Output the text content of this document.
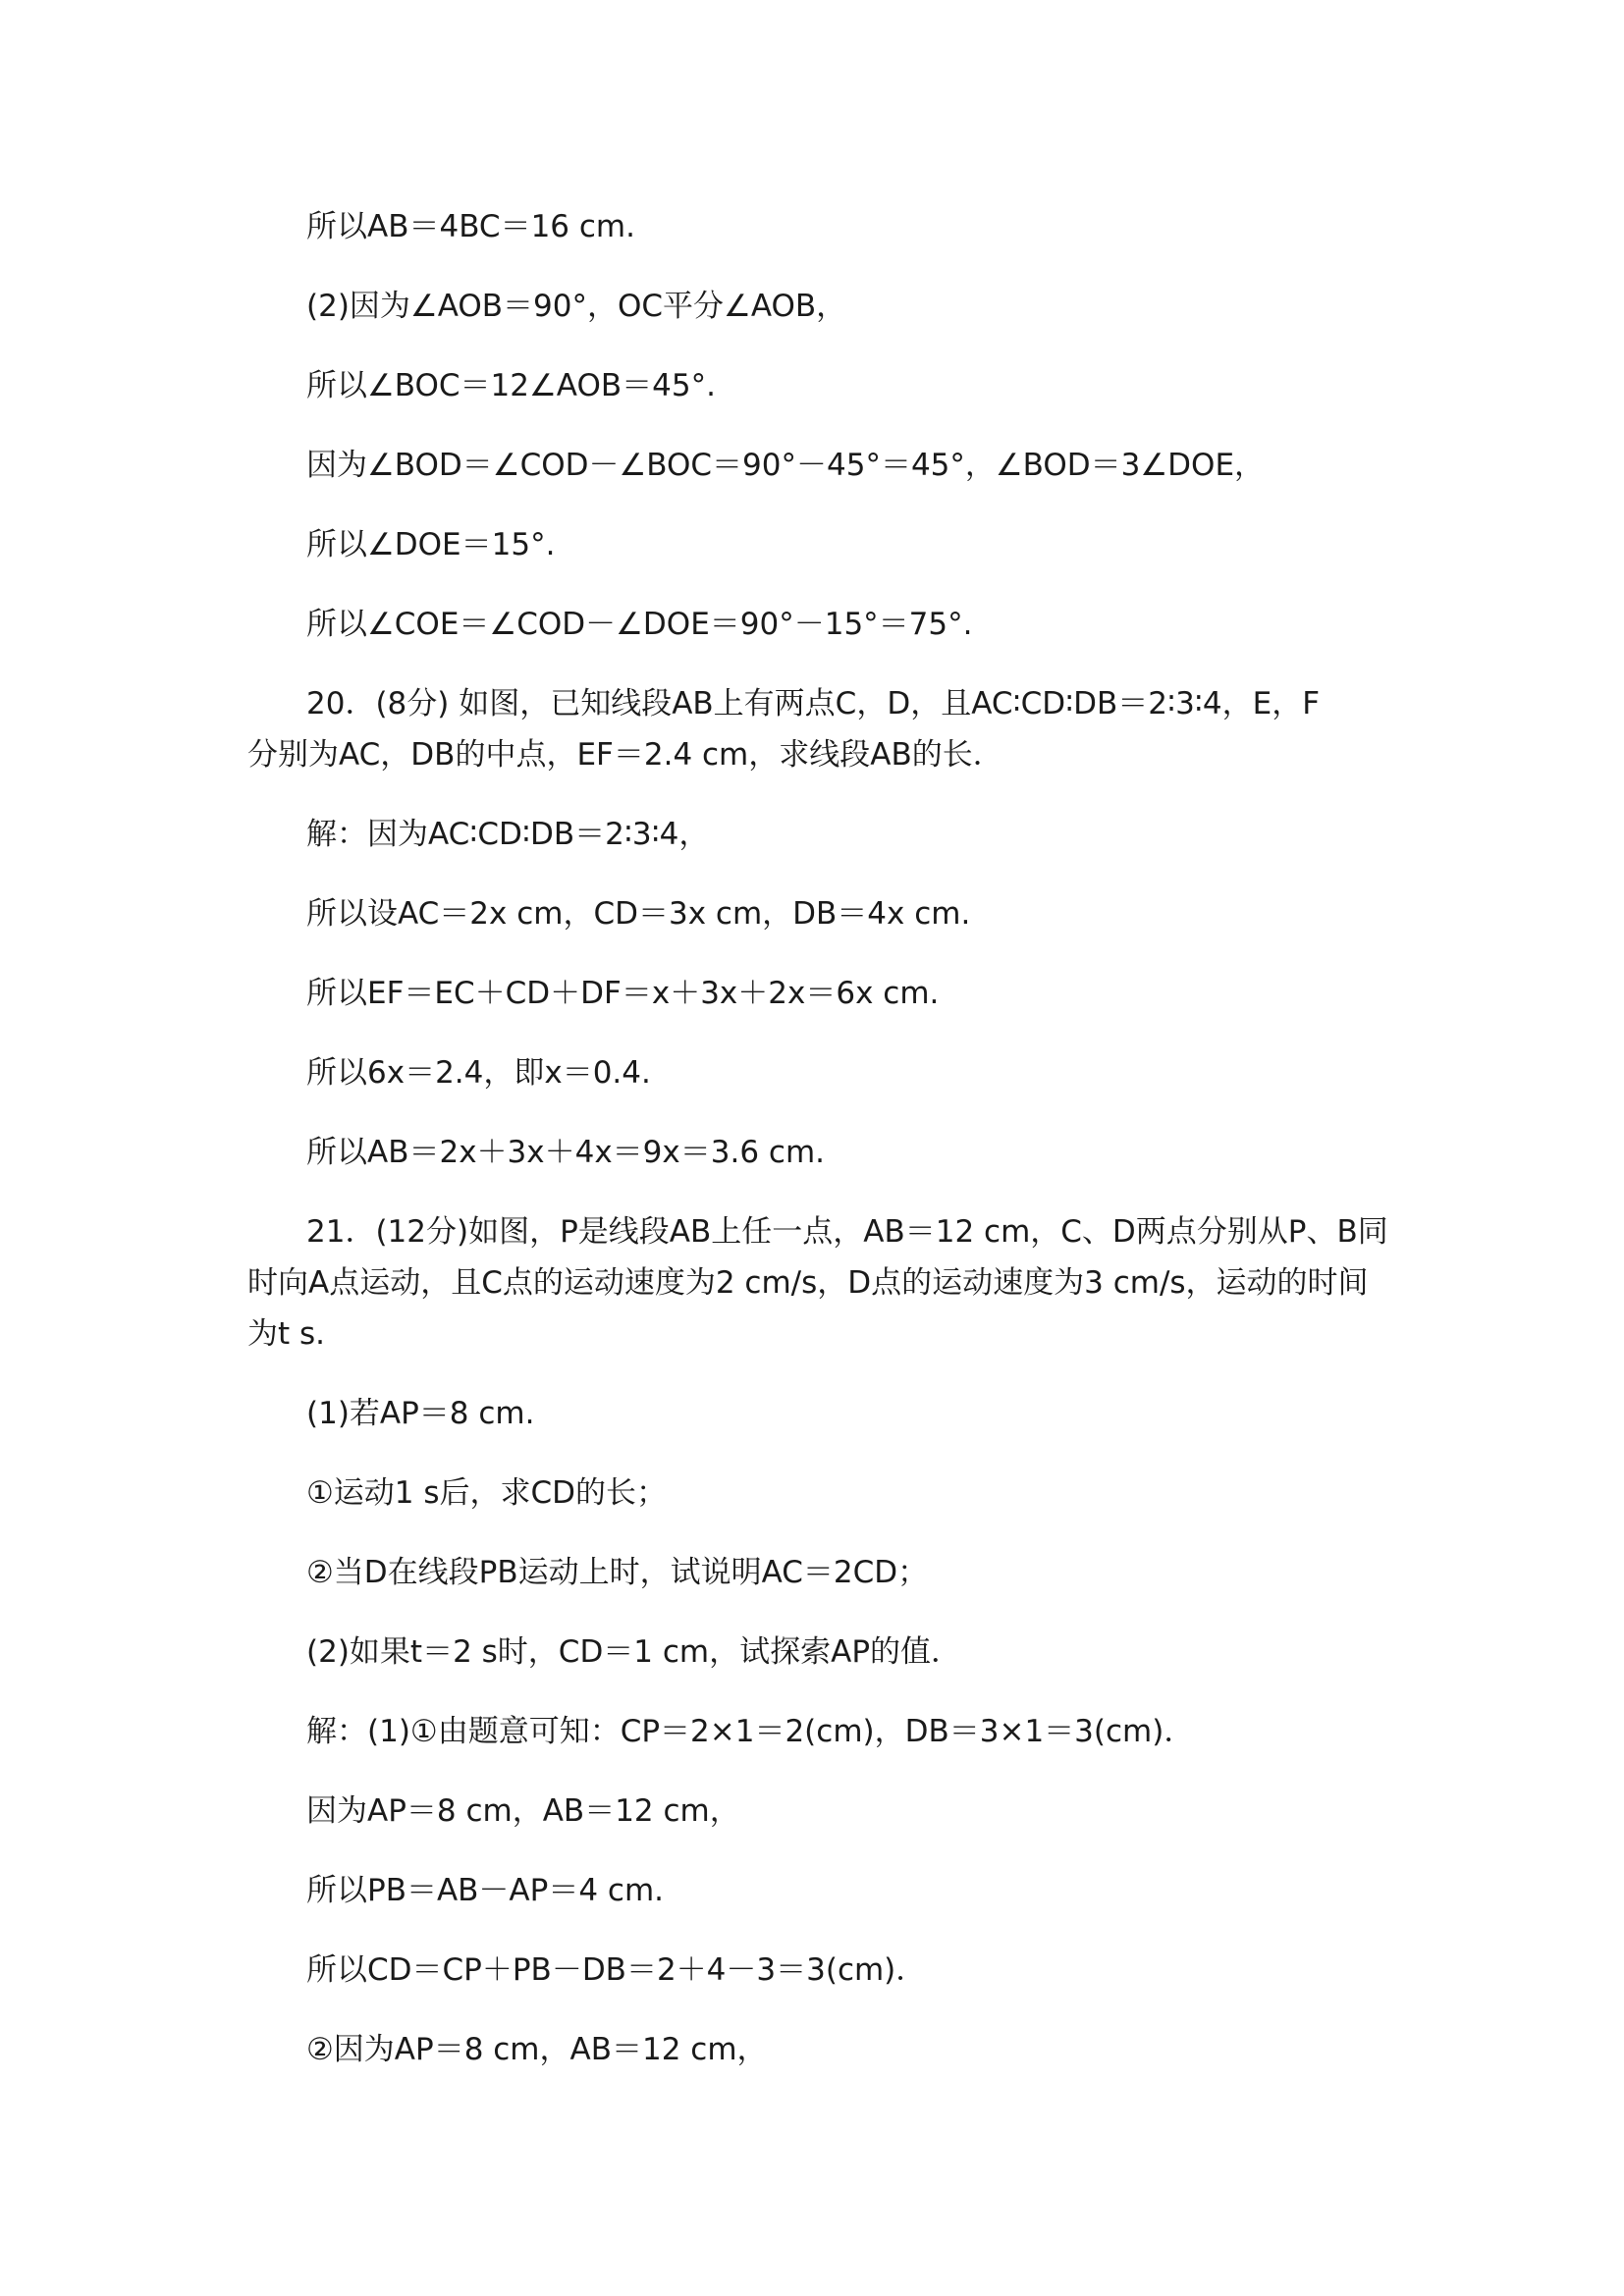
所以AB＝4BC＝16 cm.
(2)因为∠AOB＝90°，OC平分∠AOB，
所以∠BOC＝12∠AOB＝45°.
因为∠BOD＝∠COD－∠BOC＝90°－45°＝45°，∠BOD＝3∠DOE，
所以∠DOE＝15°.
所以∠COE＝∠COD－∠DOE＝90°－15°＝75°.
20．(8分) 如图，已知线段AB上有两点C，D，且AC∶CD∶DB＝2∶3∶4，E，F
分别为AC，DB的中点，EF＝2.4 cm，求线段AB的长．
解：因为AC∶CD∶DB＝2∶3∶4，
所以设AC＝2x cm，CD＝3x cm，DB＝4x cm.
所以EF＝EC＋CD＋DF＝x＋3x＋2x＝6x cm.
所以6x＝2.4，即x＝0.4.
所以AB＝2x＋3x＋4x＝9x＝3.6 cm.
21．(12分)如图，P是线段AB上任一点，AB＝12 cm，C、D两点分别从P、B同
时向A点运动，且C点的运动速度为2 cm/s，D点的运动速度为3 cm/s，运动的时间
为t s.
(1)若AP＝8 cm.
①运动1 s后，求CD的长；
②当D在线段PB运动上时，试说明AC＝2CD；
(2)如果t＝2 s时，CD＝1 cm，试探索AP的值．
解：(1)①由题意可知：CP＝2×1＝2(cm)，DB＝3×1＝3(cm)．
因为AP＝8 cm，AB＝12 cm，
所以PB＝AB－AP＝4 cm.
所以CD＝CP＋PB－DB＝2＋4－3＝3(cm)．
②因为AP＝8 cm，AB＝12 cm，
